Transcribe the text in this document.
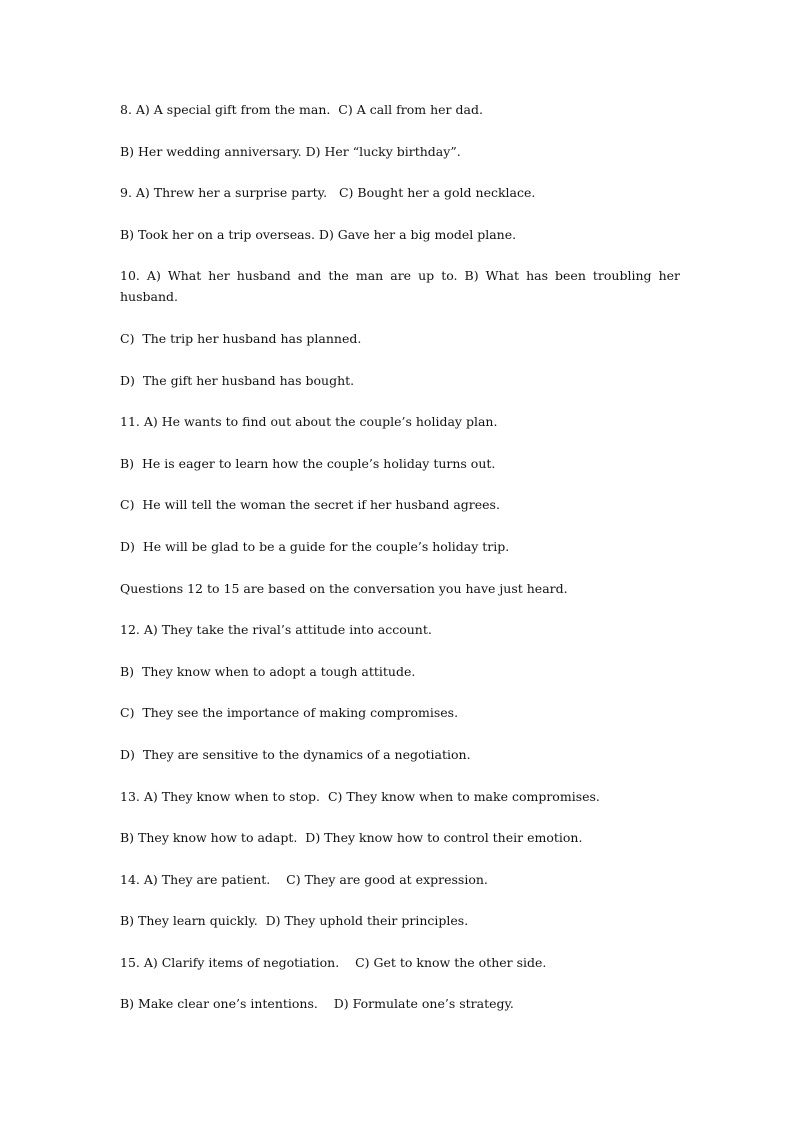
8. A) A special gift from the man.  C) A call from her dad.

B) Her wedding anniversary. D) Her “lucky birthday”.

9. A) Threw her a surprise party.   C) Bought her a gold necklace.

B) Took her on a trip overseas. D) Gave her a big model plane.

10. A) What her husband and the man are up to. B) What has been troubling her husband.

C)  The trip her husband has planned.

D)  The gift her husband has bought.

11. A) He wants to find out about the couple’s holiday plan.

B)  He is eager to learn how the couple’s holiday turns out.

C)  He will tell the woman the secret if her husband agrees.

D)  He will be glad to be a guide for the couple’s holiday trip.

Questions 12 to 15 are based on the conversation you have just heard.

12. A) They take the rival’s attitude into account.

B)  They know when to adopt a tough attitude.

C)  They see the importance of making compromises.

D)  They are sensitive to the dynamics of a negotiation.

13. A) They know when to stop.  C) They know when to make compromises.

B) They know how to adapt.  D) They know how to control their emotion.

14. A) They are patient.    C) They are good at expression.

B) They learn quickly.  D) They uphold their principles.

15. A) Clarify items of negotiation.    C) Get to know the other side.

B) Make clear one’s intentions.    D) Formulate one’s strategy.
